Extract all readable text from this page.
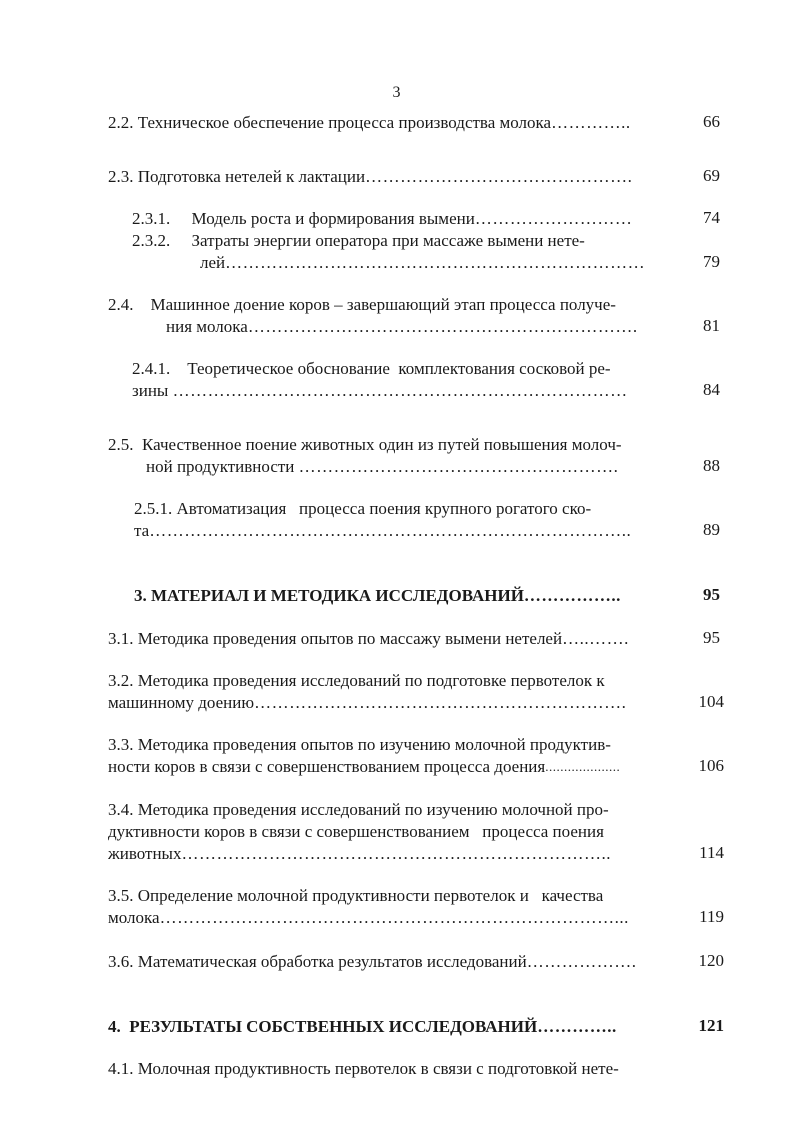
3
2.2. Техническое обеспечение процесса производства молока…………..	66
2.3. Подготовка нетелей к лактации……………………………………….	69
2.3.1.     Модель роста и формирования вымени………………………	74
2.3.2.     Затраты энергии оператора при массаже вымени нете-
лей………………………………………………………………	79
2.4.    Машинное доение коров – завершающий этап процесса получе-
ния молока………………………………………………………….	81
2.4.1.    Теоретическое обоснование  комплектования сосковой ре-
зины ……………………………………………………………………	84
2.5.  Качественное поение животных один из путей повышения молоч-
ной продуктивности ……………………………………………….	88
2.5.1. Автоматизация   процесса поения крупного рогатого ско-
та………………………………………………………………………..	89
3. МАТЕРИАЛ И МЕТОДИКА ИССЛЕДОВАНИЙ……………..	95
3.1. Методика проведения опытов по массажу вымени нетелей…..…….	95
3.2. Методика проведения исследований по подготовке первотелок к
машинному доению……………………………………………………….	104
3.3. Методика проведения опытов по изучению молочной продуктив-
ности коров в связи с совершенствованием процесса доения....................	106
3.4. Методика проведения исследований по изучению молочной про-
дуктивности коров в связи с совершенствованием   процесса поения
животных………………………………………………………………..	114
3.5. Определение молочной продуктивности первотелок и   качества
молока……………………………………………………………………...	119
3.6. Математическая обработка результатов исследований……………….	120
4.  РЕЗУЛЬТАТЫ СОБСТВЕННЫХ ИССЛЕДОВАНИЙ…………..	121
4.1. Молочная продуктивность первотелок в связи с подготовкой нете-
